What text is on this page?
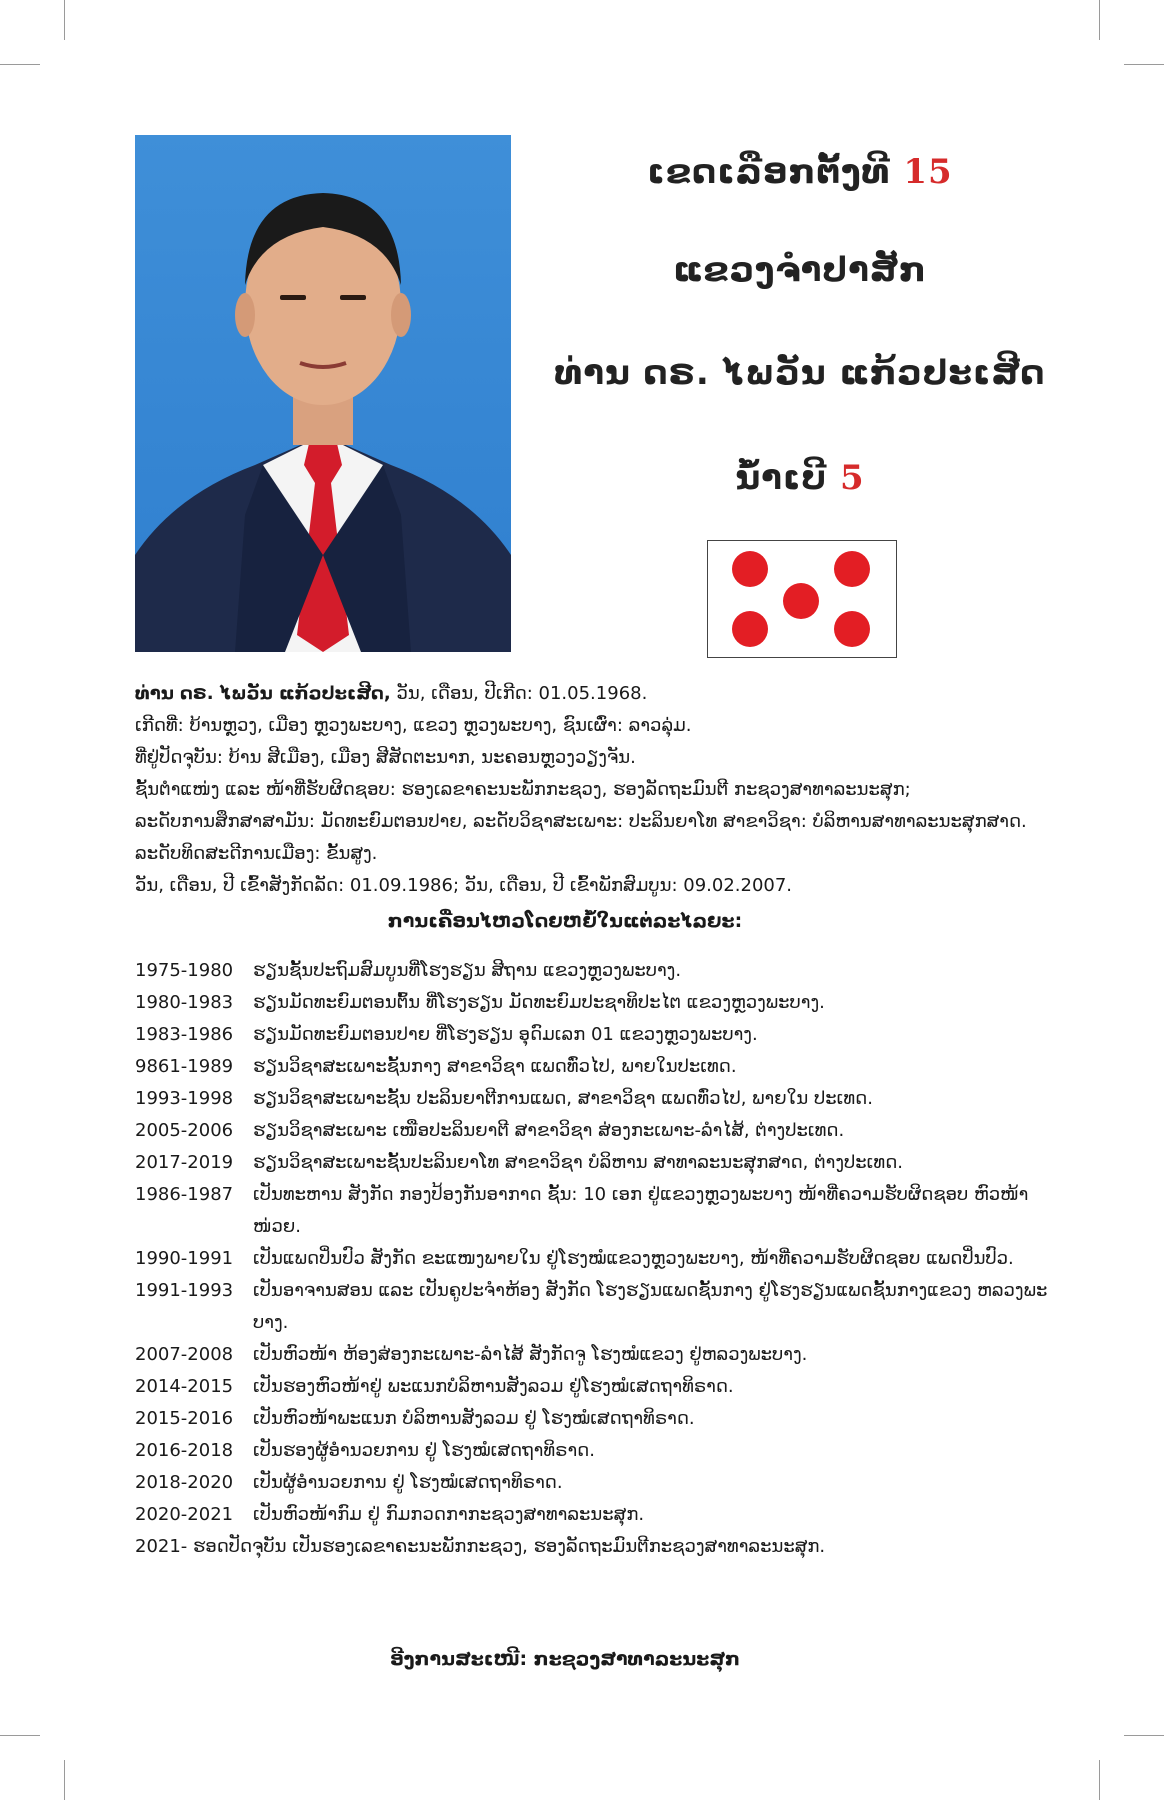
ເຂດເລືອກຕັ້ງທີ 15
ແຂວງຈຳປາສັກ
ທ່ານ ດຣ. ໄພວັນ ແກ້ວປະເສີດ
ນໍ້າເບີ 5

ທ່ານ ດຣ. ໄພວັນ ແກ້ວປະເສີດ, ວັນ, ເດືອນ, ປີເກີດ: 01.05.1968.

ເກີດທີ່: ບ້ານຫຼວງ, ເມືອງ ຫຼວງພະບາງ, ແຂວງ ຫຼວງພະບາງ, ຊົນເຜົ່າ: ລາວລຸ່ມ.

ທີ່ຢູ່ປັດຈຸບັນ: ບ້ານ ສີເມືອງ, ເມືອງ ສີສັດຕະນາກ, ນະຄອນຫຼວງວຽງຈັນ.

ຊັ້ນຕຳແໜ່ງ ແລະ ໜ້າທີ່ຮັບຜິດຊອບ: ຮອງເລຂາຄະນະພັກກະຊວງ, ຮອງລັດຖະມົນຕີ ກະຊວງສາທາລະນະສຸກ;

ລະດັບການສຶກສາສາມັນ: ມັດທະຍົມຕອນປາຍ, ລະດັບວິຊາສະເພາະ: ປະລິນຍາໂທ ສາຂາວິຊາ: ບໍລິຫານສາທາລະນະສຸກສາດ.

ລະດັບທິດສະດີການເມືອງ: ຂັ້ນສູງ.

ວັນ, ເດືອນ, ປີ ເຂົ້າສັງກັດລັດ: 01.09.1986; ວັນ, ເດືອນ, ປີ ເຂົ້າພັກສົມບູນ: 09.02.2007.

ການເຄື່ອນໄຫວໂດຍຫຍໍ້ໃນແຕ່ລະໄລຍະ:
1975-1980	ຮຽນຊັ້ນປະຖົມສົມບູນທີ່ໂຮງຮຽນ ສີຖານ ແຂວງຫຼວງພະບາງ.
1980-1983	ຮຽນມັດທະຍົມຕອນຕົ້ນ ທີ່ໂຮງຮຽນ ມັດທະຍົມປະຊາທິປະໄຕ ແຂວງຫຼວງພະບາງ.
1983-1986	ຮຽນມັດທະຍົມຕອນປາຍ ທີ່ໂຮງຮຽນ ອຸດົມເລກ 01 ແຂວງຫຼວງພະບາງ.
9861-1989	ຮຽນວິຊາສະເພາະຊັ້ນກາງ ສາຂາວິຊາ ແພດທົ່ວໄປ, ພາຍໃນປະເທດ.
1993-1998	ຮຽນວິຊາສະເພາະຊັ້ນ ປະລິນຍາຕີການແພດ, ສາຂາວິຊາ ແພດທົ່ວໄປ, ພາຍໃນ ປະເທດ.
2005-2006	ຮຽນວິຊາສະເພາະ ເໜືອປະລິນຍາຕີ ສາຂາວິຊາ ສ່ອງກະເພາະ-ລຳໄສ້, ຕ່າງປະເທດ.
2017-2019	ຮຽນວິຊາສະເພາະຊັ້ນປະລິນຍາໂທ ສາຂາວິຊາ ບໍລິຫານ ສາທາລະນະສຸກສາດ, ຕ່າງປະເທດ.
1986-1987	ເປັນທະຫານ ສັງກັດ ກອງປ້ອງກັນອາກາດ ຊັ້ນ: 10 ເອກ ຢູ່ແຂວງຫຼວງພະບາງ ໜ້າທີ່ຄວາມຮັບຜິດຊອບ ຫົວໜ້າໜ່ວຍ.
1990-1991	ເປັນແພດປິ່ນປົວ ສັງກັດ ຂະແໜງພາຍໃນ ຢູ່ໂຮງໝໍແຂວງຫຼວງພະບາງ, ໜ້າທີ່ຄວາມຮັບຜິດຊອບ ແພດປິ່ນປົວ.
1991-1993	ເປັນອາຈານສອນ ແລະ ເປັນຄູປະຈຳຫ້ອງ ສັງກັດ ໂຮງຮຽນແພດຊັ້ນກາງ ຢູ່ໂຮງຮຽນແພດຊັ້ນກາງແຂວງ ຫລວງພະບາງ.
2007-2008	ເປັນຫົວໜ້າ ຫ້ອງສ່ອງກະເພາະ-ລຳໄສ້ ສັງກັດຈູ ໂຮງໝໍແຂວງ ຢູ່ຫລວງພະບາງ.
2014-2015	ເປັນຮອງຫົວໜ້າຢູ່ ພະແນກບໍລິຫານສັງລວມ ຢູ່ໂຮງໝໍເສດຖາທິຣາດ.
2015-2016	ເປັນຫົວໜ້າພະແນກ ບໍລິຫານສັງລວມ ຢູ່ ໂຮງໝໍເສດຖາທິຣາດ.
2016-2018	ເປັນຮອງຜູ້ອຳນວຍການ ຢູ່ ໂຮງໝໍເສດຖາທິຣາດ.
2018-2020	ເປັນຜູ້ອຳນວຍການ ຢູ່ ໂຮງໝໍເສດຖາທິຣາດ.
2020-2021	ເປັນຫົວໜ້າກົມ ຢູ່ ກົມກວດກາກະຊວງສາທາລະນະສຸກ.
2021- ຮອດປັດຈຸບັນ ເປັນຮອງເລຂາຄະນະພັກກະຊວງ, ຮອງລັດຖະມົນຕີກະຊວງສາທາລະນະສຸກ.
ອີງການສະເໜີ: ກະຊວງສາທາລະນະສຸກ
